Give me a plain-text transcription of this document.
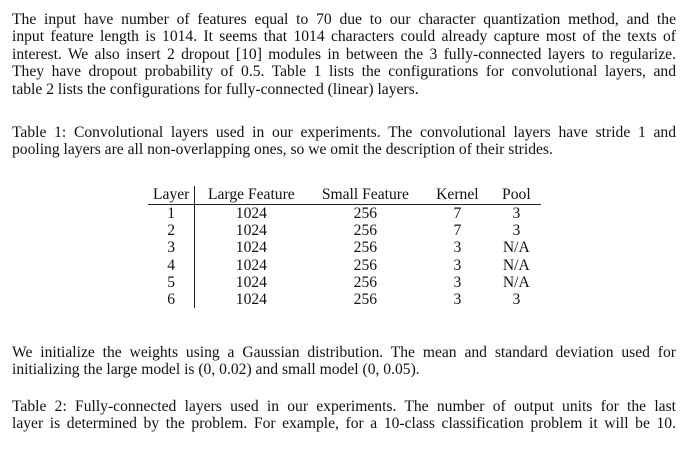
The input have number of features equal to 70 due to our character quantization method, and the
input feature length is 1014. It seems that 1014 characters could already capture most of the texts of
interest. We also insert 2 dropout [10] modules in between the 3 fully-connected layers to regularize.
They have dropout probability of 0.5. Table 1 lists the configurations for convolutional layers, and
table 2 lists the configurations for fully-connected (linear) layers.

Table 1: Convolutional layers used in our experiments. The convolutional layers have stride 1 and
pooling layers are all non-overlapping ones, so we omit the description of their strides.

Layer	Large Feature	Small Feature	Kernel	Pool
1	1024	256	7	3
2	1024	256	7	3
3	1024	256	3	N/A
4	1024	256	3	N/A
5	1024	256	3	N/A
6	1024	256	3	3

We initialize the weights using a Gaussian distribution. The mean and standard deviation used for
initializing the large model is (0, 0.02) and small model (0, 0.05).

Table 2: Fully-connected layers used in our experiments. The number of output units for the last
layer is determined by the problem. For example, for a 10-class classification problem it will be 10.
